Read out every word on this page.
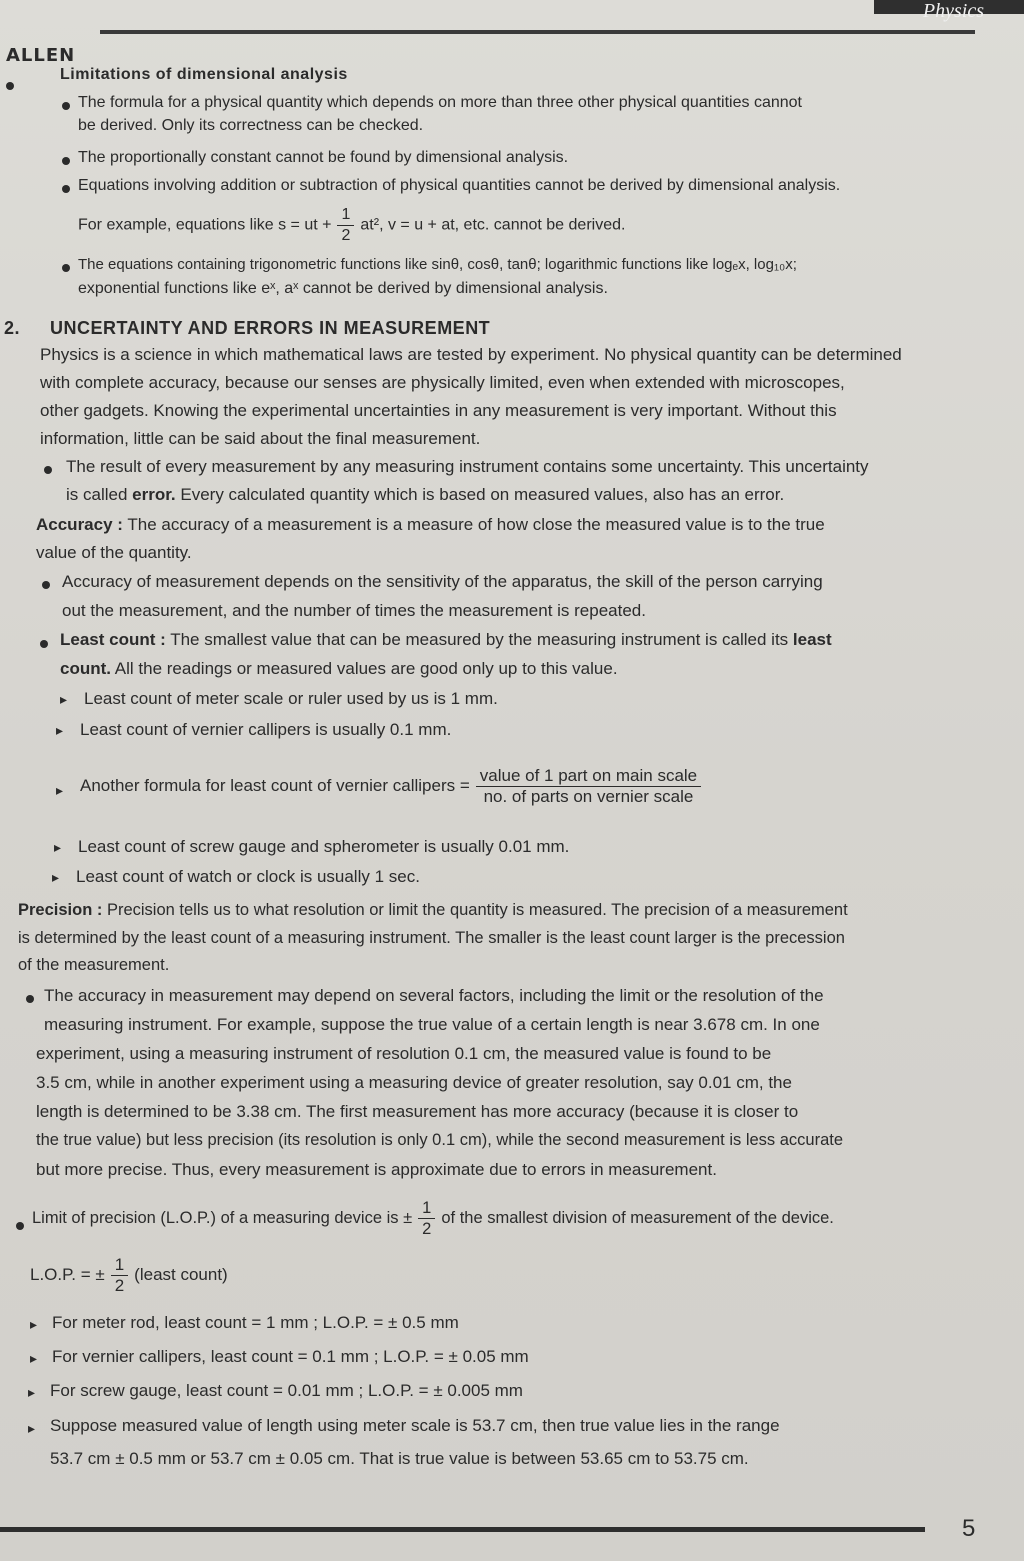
Physics
ALLEN
Limitations of dimensional analysis
The formula for a physical quantity which depends on more than three other physical quantities cannot
be derived. Only its correctness can be checked.
The proportionally constant cannot be found by dimensional analysis.
Equations involving addition or subtraction of physical quantities cannot be derived by dimensional analysis.
For example, equations like s = ut + $\frac{1}{2} at^2$, v = u + at, etc. cannot be derived.
The equations containing trigonometric functions like sinθ, cosθ, tanθ; logarithmic functions like logₑx, log₁₀x;
exponential functions like eˣ, aˣ cannot be derived by dimensional analysis.
2. UNCERTAINTY AND ERRORS IN MEASUREMENT
Physics is a science in which mathematical laws are tested by experiment. No physical quantity can be determined
with complete accuracy, because our senses are physically limited, even when extended with microscopes,
other gadgets. Knowing the experimental uncertainties in any measurement is very important. Without this
information, little can be said about the final measurement.
The result of every measurement by any measuring instrument contains some uncertainty. This uncertainty
is called error. Every calculated quantity which is based on measured values, also has an error.
Accuracy : The accuracy of a measurement is a measure of how close the measured value is to the true
value of the quantity.
Accuracy of measurement depends on the sensitivity of the apparatus, the skill of the person carrying
out the measurement, and the number of times the measurement is repeated.
Least count : The smallest value that can be measured by the measuring instrument is called its least
count. All the readings or measured values are good only up to this value.
▸ Least count of meter scale or ruler used by us is 1 mm.
▸ Least count of vernier callipers is usually 0.1 mm.
▸ Another formula for least count of vernier callipers = $\frac{\text{value of 1 part on main scale}}{\text{no. of parts on vernier scale}}$
▸ Least count of screw gauge and spherometer is usually 0.01 mm.
▸ Least count of watch or clock is usually 1 sec.
Precision : Precision tells us to what resolution or limit the quantity is measured. The precision of a measurement
is determined by the least count of a measuring instrument. The smaller is the least count larger is the precession
of the measurement.
The accuracy in measurement may depend on several factors, including the limit or the resolution of the
measuring instrument. For example, suppose the true value of a certain length is near 3.678 cm. In one
experiment, using a measuring instrument of resolution 0.1 cm, the measured value is found to be
3.5 cm, while in another experiment using a measuring device of greater resolution, say 0.01 cm, the
length is determined to be 3.38 cm. The first measurement has more accuracy (because it is closer to
the true value) but less precision (its resolution is only 0.1 cm), while the second measurement is less accurate
but more precise. Thus, every measurement is approximate due to errors in measurement.
Limit of precision (L.O.P.) of a measuring device is ± $\frac{1}{2}$ of the smallest division of measurement of the device.
L.O.P. = ± $\frac{1}{2}$ (least count)
▸ For meter rod, least count = 1 mm ; L.O.P. = ± 0.5 mm
▸ For vernier callipers, least count = 0.1 mm ; L.O.P. = ± 0.05 mm
▸ For screw gauge, least count = 0.01 mm ; L.O.P. = ± 0.005 mm
▸ Suppose measured value of length using meter scale is 53.7 cm, then true value lies in the range
53.7 cm ± 0.5 mm or 53.7 cm ± 0.05 cm. That is true value is between 53.65 cm to 53.75 cm.
5
